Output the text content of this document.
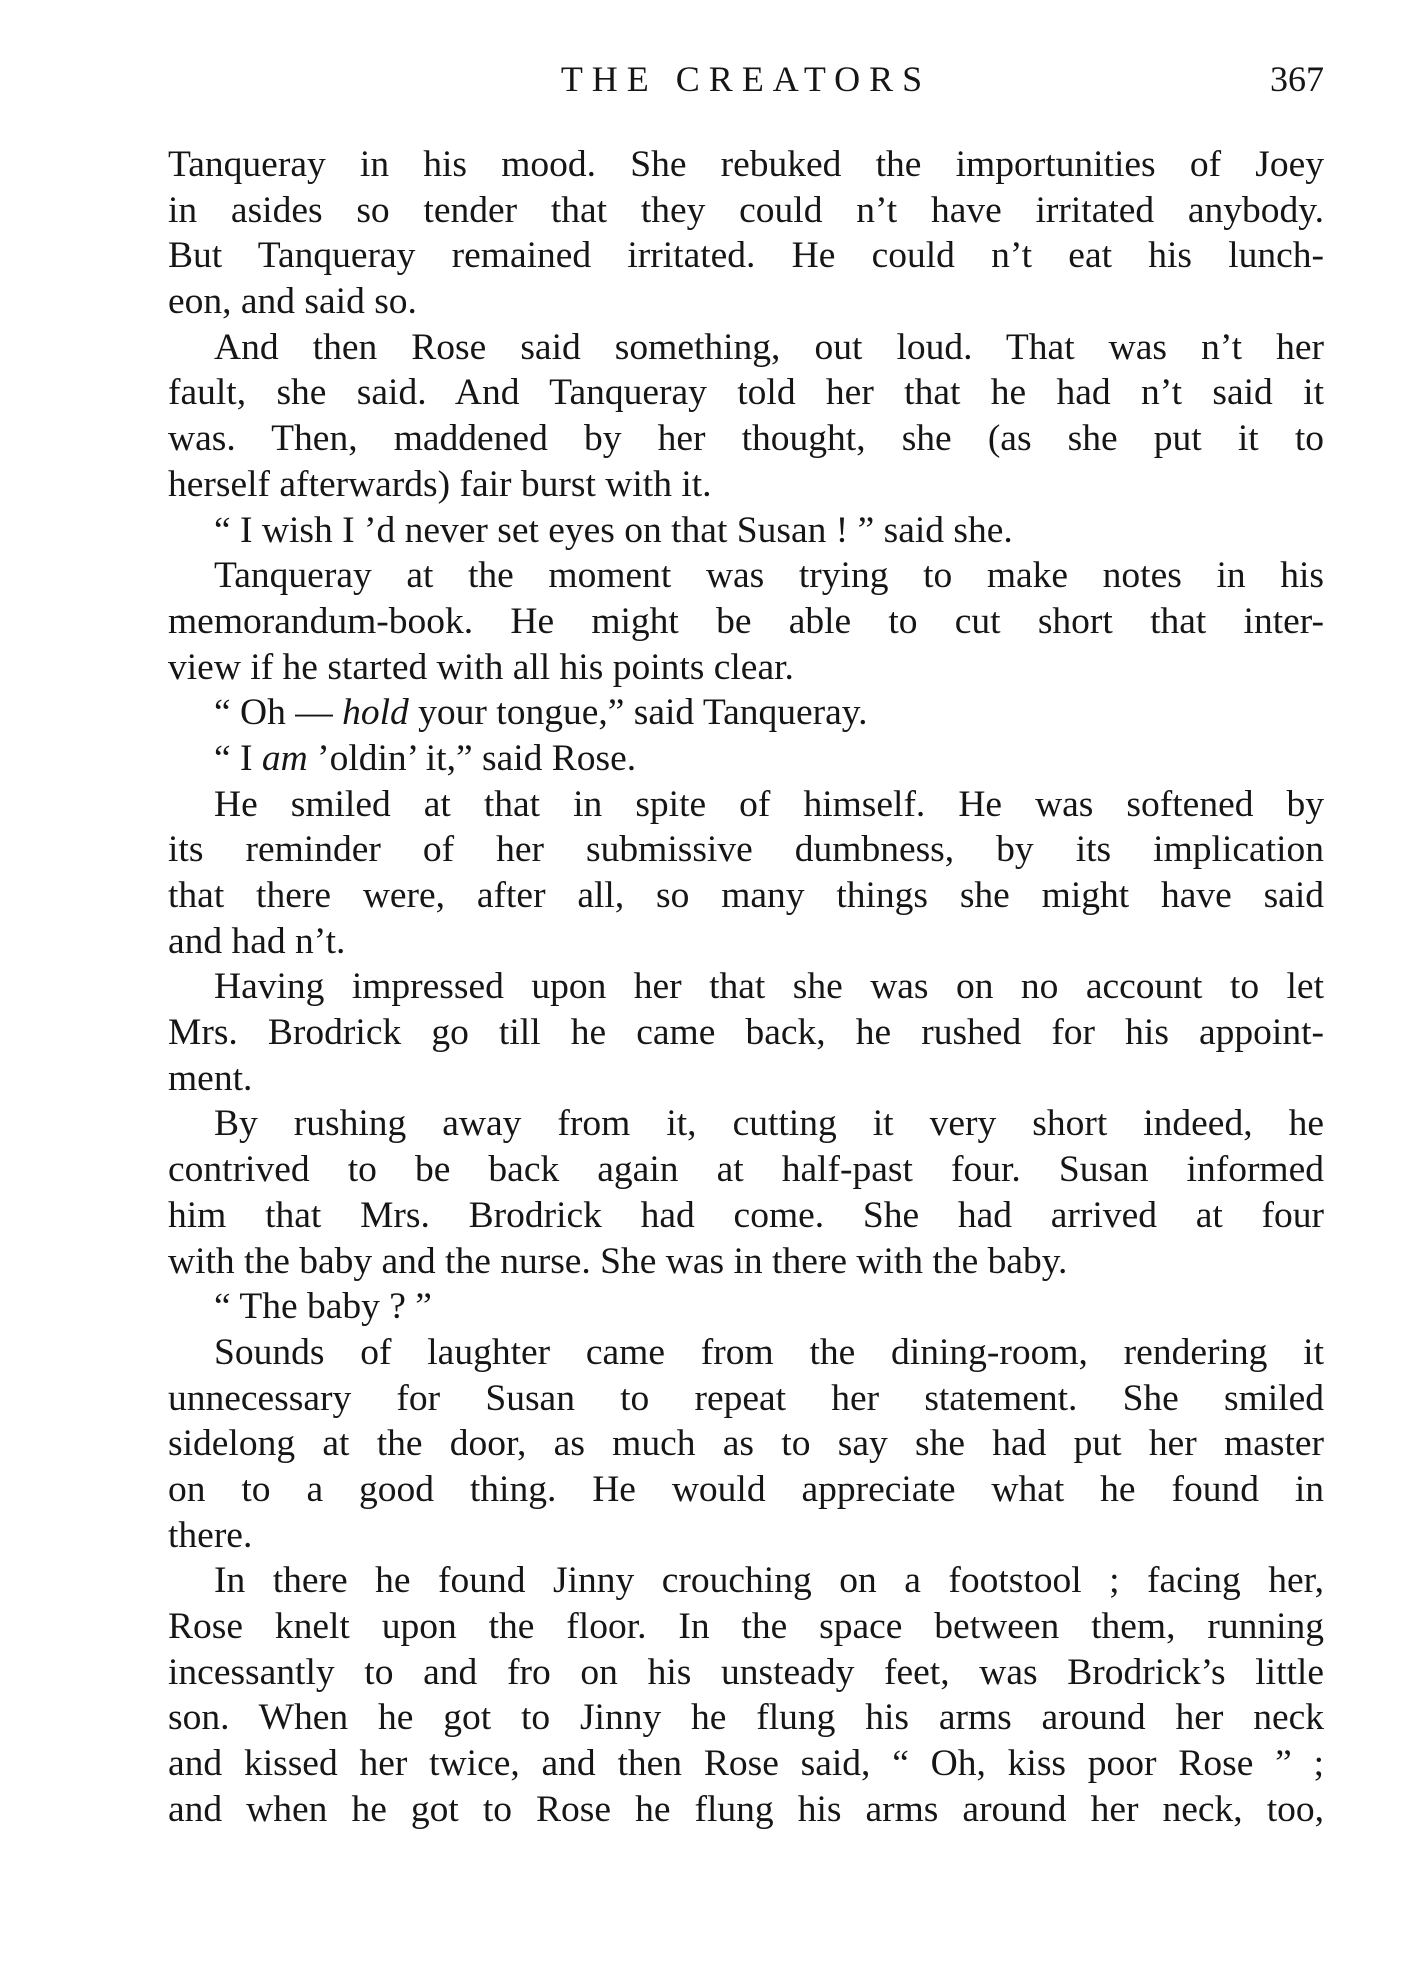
THE CREATORS	367
Tanqueray in his mood. She rebuked the importunities of Joey
in asides so tender that they could n’t have irritated anybody.
But Tanqueray remained irritated. He could n’t eat his lunch-
eon, and said so.
And then Rose said something, out loud. That was n’t her
fault, she said. And Tanqueray told her that he had n’t said it
was. Then, maddened by her thought, she (as she put it to
herself afterwards) fair burst with it.
“ I wish I ’d never set eyes on that Susan ! ” said she.
Tanqueray at the moment was trying to make notes in his
memorandum-book. He might be able to cut short that inter-
view if he started with all his points clear.
“ Oh — hold your tongue,” said Tanqueray.
“ I am ’oldin’ it,” said Rose.
He smiled at that in spite of himself. He was softened by
its reminder of her submissive dumbness, by its implication
that there were, after all, so many things she might have said
and had n’t.
Having impressed upon her that she was on no account to let
Mrs. Brodrick go till he came back, he rushed for his appoint-
ment.
By rushing away from it, cutting it very short indeed, he
contrived to be back again at half-past four. Susan informed
him that Mrs. Brodrick had come. She had arrived at four
with the baby and the nurse. She was in there with the baby.
“ The baby ? ”
Sounds of laughter came from the dining-room, rendering it
unnecessary for Susan to repeat her statement. She smiled
sidelong at the door, as much as to say she had put her master
on to a good thing. He would appreciate what he found in
there.
In there he found Jinny crouching on a footstool ; facing her,
Rose knelt upon the floor. In the space between them, running
incessantly to and fro on his unsteady feet, was Brodrick’s little
son. When he got to Jinny he flung his arms around her neck
and kissed her twice, and then Rose said, “ Oh, kiss poor Rose ” ;
and when he got to Rose he flung his arms around her neck, too,
